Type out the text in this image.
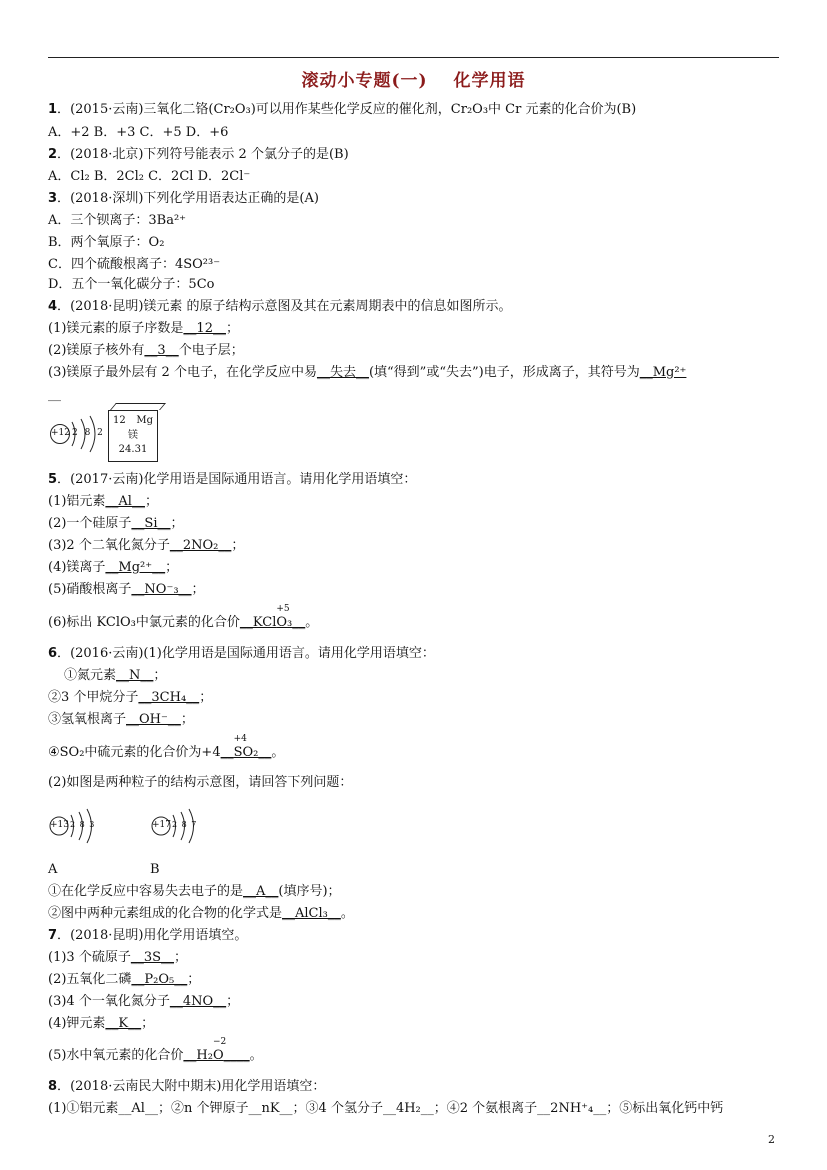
滚动小专题(一) 化学用语
1．(2015·云南)三氧化二铬(Cr₂O₃)可以用作某些化学反应的催化剂，Cr₂O₃中 Cr 元素的化合价为(B)
A．+2 B．+3 C．+5 D．+6
2．(2018·北京)下列符号能表示 2 个氯分子的是(B)
A．Cl₂ B．2Cl₂ C．2Cl D．2Cl⁻
3．(2018·深圳)下列化学用语表达正确的是(A)
A．三个钡离子：3Ba²⁺
B．两个氧原子：O₂
C．四个硫酸根离子：4SO²³⁻
D．五个一氧化碳分子：5Co
4．(2018·昆明)镁元素 的原子结构示意图及其在元素周期表中的信息如图所示。
(1)镁元素的原子序数是__12__；
(2)镁原子核外有__3__个电子层；
(3)镁原子最外层有 2 个电子，在化学反应中易__失去__(填“得到”或“失去”)电子，形成离子，其符号为__Mg²⁺
__
+12 2 8 2
12 Mg
镁
24.31
5．(2017·云南)化学用语是国际通用语言。请用化学用语填空：
(1)铝元素__Al__；
(2)一个硅原子__Si__；
(3)2 个二氧化氮分子__2NO₂__；
(4)镁离子__Mg²⁺__；
(5)硝酸根离子__NO⁻₃__；
(6)标出 KClO₃中氯元素的化合价__KCl
+5
O₃__。
6．(2016·云南)(1)化学用语是国际通用语言。请用化学用语填空：
①氮元素__N__；
②3 个甲烷分子__3CH₄__；
③氢氧根离子__OH⁻__；
④SO₂中硫元素的化合价为+4__
+4
SO₂__。
(2)如图是两种粒子的结构示意图，请回答下列问题：
+13 2 8 3	+17 2 8 7
A	B
①在化学反应中容易失去电子的是__A__(填序号)；
②图中两种元素组成的化合物的化学式是__AlCl₃__。
7．(2018·昆明)用化学用语填空。
(1)3 个硫原子__3S__；
(2)五氧化二磷__P₂O₅__；
(3)4 个一氧化氮分子__4NO__；
(4)钾元素__K__；
(5)水中氧元素的化合价__H₂
−2
O____。
8．(2018·云南民大附中期末)用化学用语填空：
(1)①铝元素__Al__；②n 个钾原子__nK__；③4 个氢分子__4H₂__；④2 个氨根离子__2NH⁺₄__；⑤标出氧化钙中钙
2
